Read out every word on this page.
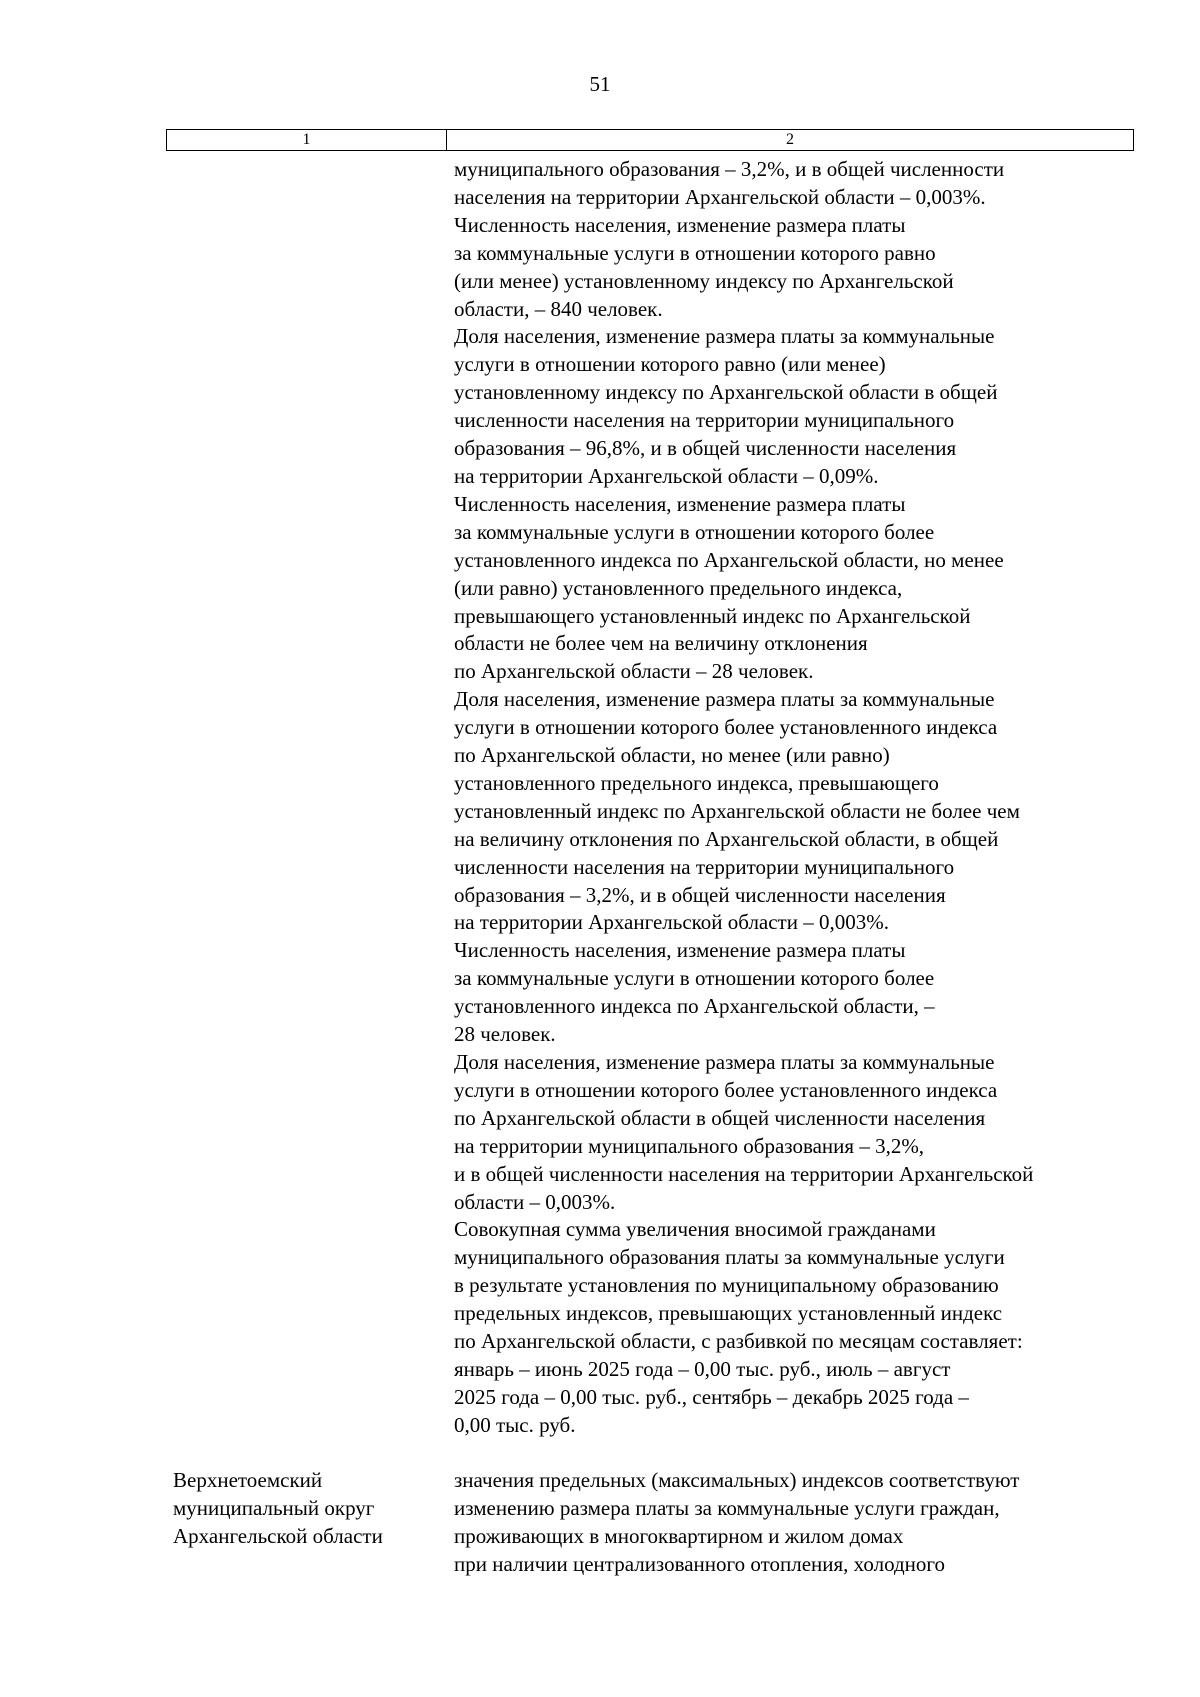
51
1	2
муниципального образования – 3,2%, и в общей численности
населения на территории Архангельской области – 0,003%.
Численность населения, изменение размера платы
за коммунальные услуги в отношении которого равно
(или менее) установленному индексу по Архангельской
области, – 840 человек.
Доля населения, изменение размера платы за коммунальные
услуги в отношении которого равно (или менее)
установленному индексу по Архангельской области в общей
численности населения на территории муниципального
образования – 96,8%, и в общей численности населения
на территории Архангельской области – 0,09%.
Численность населения, изменение размера платы
за коммунальные услуги в отношении которого более
установленного индекса по Архангельской области, но менее
(или равно) установленного предельного индекса,
превышающего установленный индекс по Архангельской
области не более чем на величину отклонения
по Архангельской области – 28 человек.
Доля населения, изменение размера платы за коммунальные
услуги в отношении которого более установленного индекса
по Архангельской области, но менее (или равно)
установленного предельного индекса, превышающего
установленный индекс по Архангельской области не более чем
на величину отклонения по Архангельской области, в общей
численности населения на территории муниципального
образования – 3,2%, и в общей численности населения
на территории Архангельской области – 0,003%.
Численность населения, изменение размера платы
за коммунальные услуги в отношении которого более
установленного индекса по Архангельской области, –
28 человек.
Доля населения, изменение размера платы за коммунальные
услуги в отношении которого более установленного индекса
по Архангельской области в общей численности населения
на территории муниципального образования – 3,2%,
и в общей численности населения на территории Архангельской
области – 0,003%.
Совокупная сумма увеличения вносимой гражданами
муниципального образования платы за коммунальные услуги
в результате установления по муниципальному образованию
предельных индексов, превышающих установленный индекс
по Архангельской области, с разбивкой по месяцам составляет:
январь – июнь 2025 года – 0,00 тыс. руб., июль – август
2025 года – 0,00 тыс. руб., сентябрь – декабрь 2025 года –
0,00 тыс. руб.
Верхнетоемский
муниципальный округ
Архангельской области
значения предельных (максимальных) индексов соответствуют
изменению размера платы за коммунальные услуги граждан,
проживающих в многоквартирном и жилом домах
при наличии централизованного отопления, холодного
